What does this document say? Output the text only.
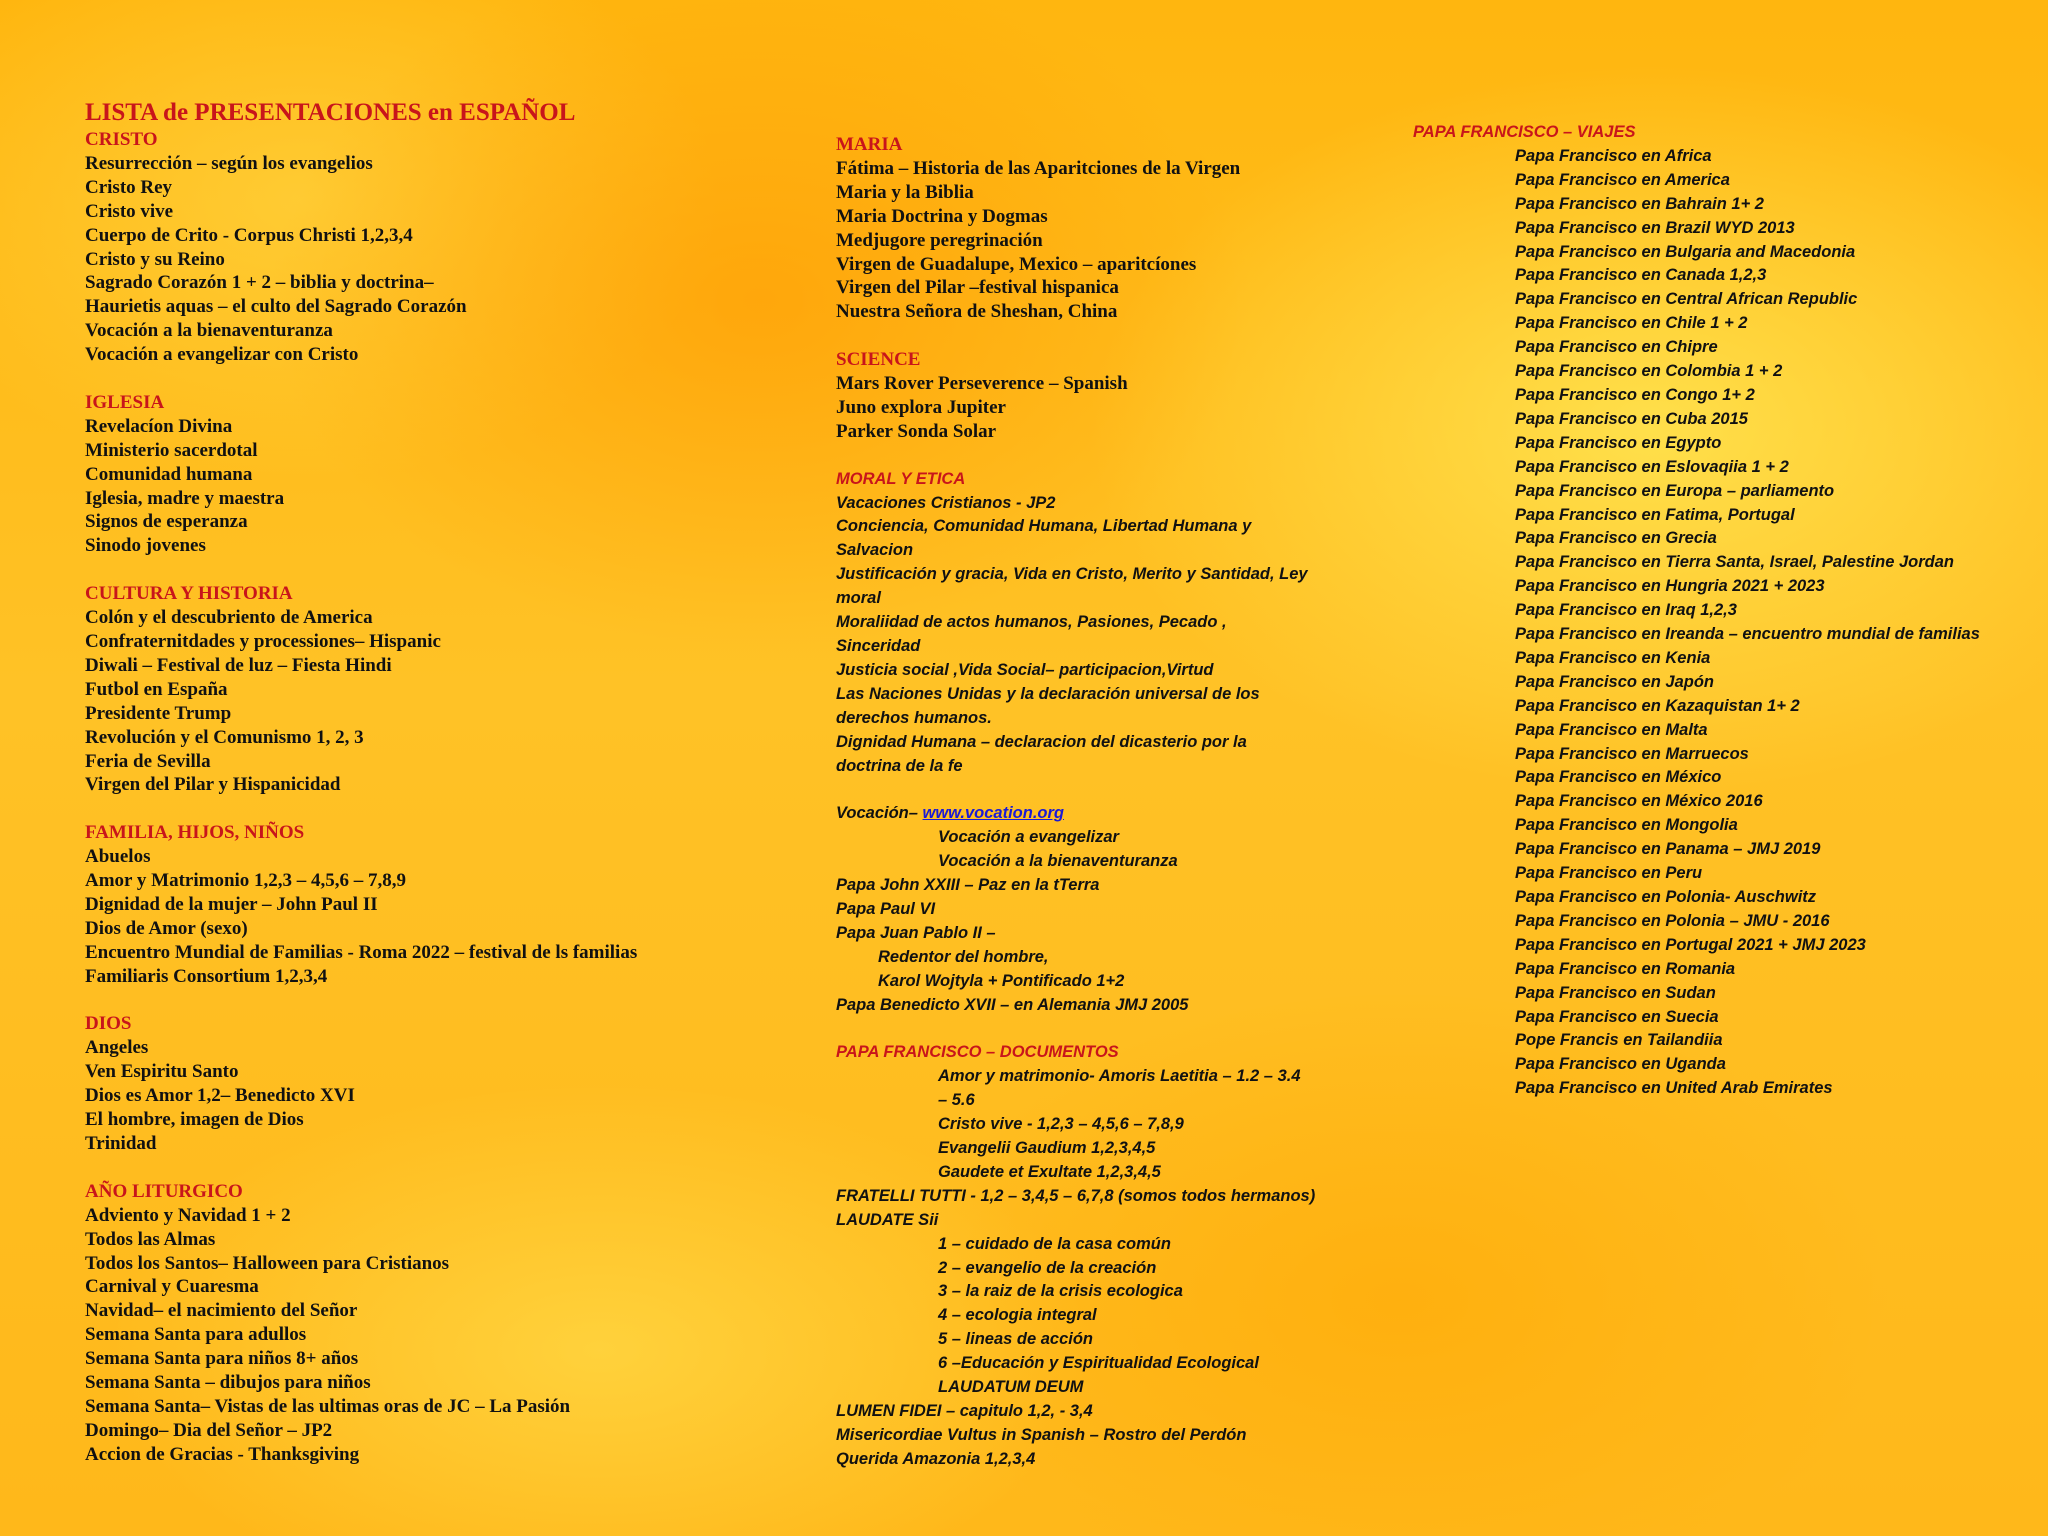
LISTA de PRESENTACIONES en ESPAÑOL
CRISTO
Resurrección – según los evangelios
Cristo Rey
Cristo vive
Cuerpo de Crito - Corpus Christi 1,2,3,4
Cristo y su Reino
Sagrado Corazón 1 + 2 – biblia y doctrina–
Haurietis aquas – el culto del Sagrado Corazón
Vocación a la bienaventuranza
Vocación a evangelizar con Cristo
IGLESIA
Revelacíon Divina
Ministerio sacerdotal
Comunidad humana
Iglesia, madre y maestra
Signos de esperanza
Sinodo jovenes
CULTURA Y HISTORIA
Colón y el descubriento de America
Confraternitdades y processiones– Hispanic
Diwali – Festival de luz – Fiesta Hindi
Futbol en España
Presidente Trump
Revolución y el Comunismo 1, 2, 3
Feria de Sevilla
Virgen del Pilar y Hispanicidad
FAMILIA, HIJOS, NIÑOS
Abuelos
Amor y Matrimonio 1,2,3 – 4,5,6 – 7,8,9
Dignidad de la mujer – John Paul II
Dios de Amor (sexo)
Encuentro Mundial de Familias - Roma 2022 – festival de ls familias
Familiaris Consortium 1,2,3,4
DIOS
Angeles
Ven Espiritu Santo
Dios es Amor 1,2– Benedicto XVI
El hombre, imagen de Dios
Trinidad
AÑO LITURGICO
Adviento y Navidad 1 + 2
Todos las Almas
Todos los Santos– Halloween para Cristianos
Carnival y Cuaresma
Navidad– el nacimiento del Señor
Semana Santa para adullos
Semana Santa para niños 8+ años
Semana Santa – dibujos para niños
Semana Santa– Vistas de las ultimas oras de JC – La Pasión
Domingo– Dia del Señor – JP2
Accion de Gracias - Thanksgiving
MARIA
Fátima – Historia de las Aparitciones de la Virgen
Maria y la Biblia
Maria Doctrina y Dogmas
Medjugore peregrinación
Virgen de Guadalupe, Mexico – aparitcíones
Virgen del Pilar –festival hispanica
Nuestra Señora de Sheshan, China
SCIENCE
Mars Rover Perseverence – Spanish
Juno explora Jupiter
Parker Sonda Solar
MORAL Y ETICA
Vacaciones Cristianos - JP2
Conciencia, Comunidad Humana, Libertad Humana y
Salvacion
Justificación y gracia, Vida en Cristo, Merito y Santidad, Ley
moral
Moraliidad de actos humanos, Pasiones, Pecado ,
Sinceridad
Justicia social ,Vida Social– participacion,Virtud
Las Naciones Unidas y la declaración universal de los
derechos humanos.
Dignidad Humana – declaracion del dicasterio por la
doctrina de la fe
Vocación– www.vocation.org
Vocación a evangelizar
Vocación a la bienaventuranza
Papa John XXIII – Paz en la tTerra
Papa Paul VI
Papa Juan Pablo II –
Redentor del hombre,
Karol Wojtyla + Pontificado 1+2
Papa Benedicto XVII – en Alemania JMJ 2005
PAPA FRANCISCO – DOCUMENTOS
Amor y matrimonio- Amoris Laetitia – 1.2 – 3.4
– 5.6
Cristo vive - 1,2,3 – 4,5,6 – 7,8,9
Evangelii Gaudium 1,2,3,4,5
Gaudete et Exultate 1,2,3,4,5
FRATELLI TUTTI - 1,2 – 3,4,5 – 6,7,8 (somos todos hermanos)
LAUDATE Sii
1 – cuidado de la casa común
2 – evangelio de la creación
3 – la raiz de la crisis ecologica
4 – ecologia integral
5 – lineas de acción
6 –Educación y Espiritualidad Ecological
LAUDATUM DEUM
LUMEN FIDEI – capitulo 1,2, - 3,4
Misericordiae Vultus in Spanish – Rostro del Perdón
Querida Amazonia 1,2,3,4
PAPA FRANCISCO – VIAJES
Papa Francisco en Africa
Papa Francisco en America
Papa Francisco en Bahrain 1+ 2
Papa Francisco en Brazil WYD 2013
Papa Francisco en Bulgaria and Macedonia
Papa Francisco en Canada 1,2,3
Papa Francisco en Central African Republic
Papa Francisco en Chile 1 + 2
Papa Francisco en Chipre
Papa Francisco en Colombia 1 + 2
Papa Francisco en Congo 1+ 2
Papa Francisco en Cuba 2015
Papa Francisco en Egypto
Papa Francisco en Eslovaqiia 1 + 2
Papa Francisco en Europa – parliamento
Papa Francisco en Fatima, Portugal
Papa Francisco en Grecia
Papa Francisco en Tierra Santa, Israel, Palestine Jordan
Papa Francisco en Hungria 2021 + 2023
Papa Francisco en Iraq 1,2,3
Papa Francisco en Ireanda – encuentro mundial de familias
Papa Francisco en Kenia
Papa Francisco en Japón
Papa Francisco en Kazaquistan 1+ 2
Papa Francisco en Malta
Papa Francisco en Marruecos
Papa Francisco en México
Papa Francisco en México 2016
Papa Francisco en Mongolia
Papa Francisco en Panama – JMJ 2019
Papa Francisco en Peru
Papa Francisco en Polonia- Auschwitz
Papa Francisco en Polonia – JMU - 2016
Papa Francisco en Portugal 2021 + JMJ 2023
Papa Francisco en Romania
Papa Francisco en Sudan
Papa Francisco en Suecia
Pope Francis en Tailandiia
Papa Francisco en Uganda
Papa Francisco en United Arab Emirates
